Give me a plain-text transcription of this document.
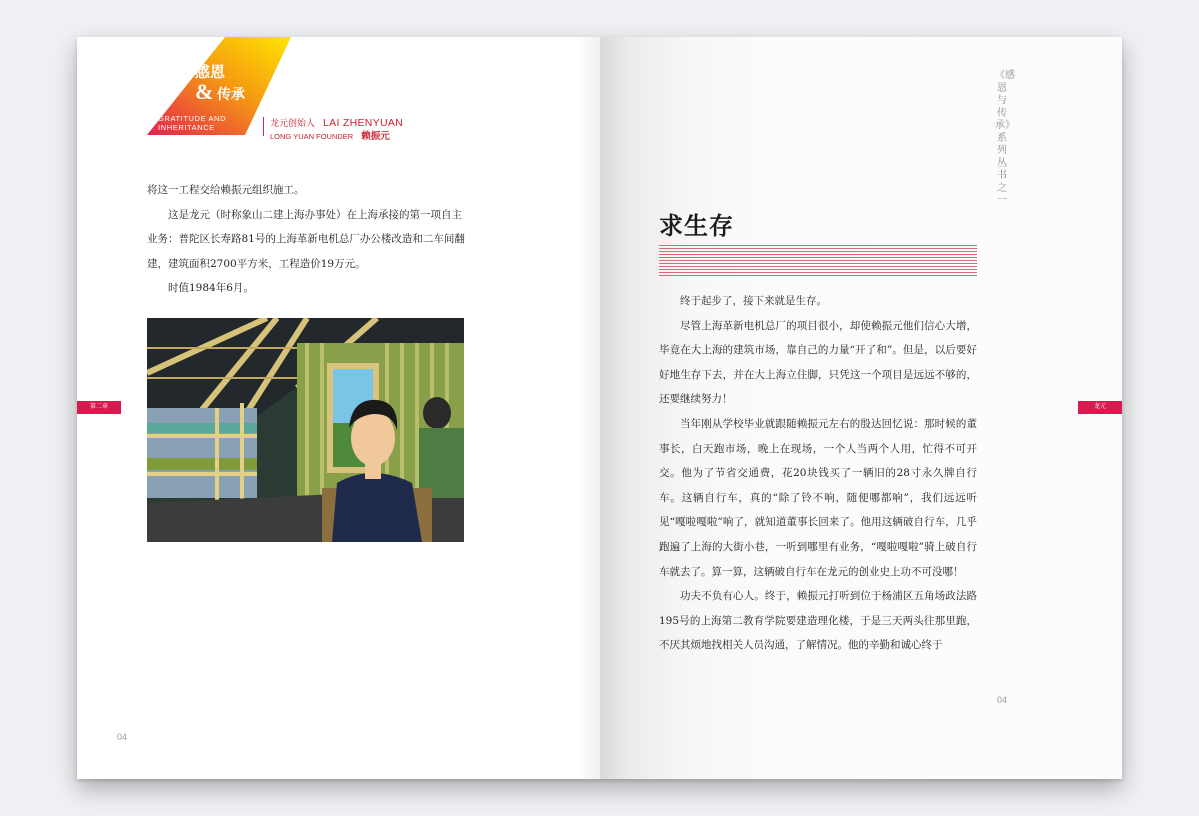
感恩
& 传承
GRATITUDE AND INHERITANCE	龙元创始人 LAI ZHENYUAN
LONG YUAN FOUNDER 赖振元

将这一工程交给赖振元组织施工。

这是龙元（时称象山二建上海办事处）在上海承接的第一项自主业务：普陀区长寿路81号的上海革新电机总厂办公楼改造和二车间翻建，建筑面积2700平方米，工程造价19万元。

时值1984年6月。

第二章
04
《感恩与传承》系列丛书之一
求生存

终于起步了，接下来就是生存。

尽管上海革新电机总厂的项目很小，却使赖振元他们信心大增，毕竟在大上海的建筑市场，靠自己的力量“开了和”。但是，以后要好好地生存下去，并在大上海立住脚，只凭这一个项目是远远不够的，还要继续努力！

当年刚从学校毕业就跟随赖振元左右的殷达回忆说：那时候的董事长，白天跑市场，晚上在现场，一个人当两个人用，忙得不可开交。他为了节省交通费，花20块钱买了一辆旧的28寸永久牌自行车。这辆自行车，真的“除了铃不响，随便哪都响”，我们远远听见“嘎啦嘎啦”响了，就知道董事长回来了。他用这辆破自行车，几乎跑遍了上海的大街小巷，一听到哪里有业务，“嘎啦嘎啦”骑上破自行车就去了。算一算，这辆破自行车在龙元的创业史上功不可没哪！

功夫不负有心人。终于，赖振元打听到位于杨浦区五角场政法路195号的上海第二教育学院要建造理化楼，于是三天两头往那里跑，不厌其烦地找相关人员沟通，了解情况。他的辛勤和诚心终于

龙元
04
